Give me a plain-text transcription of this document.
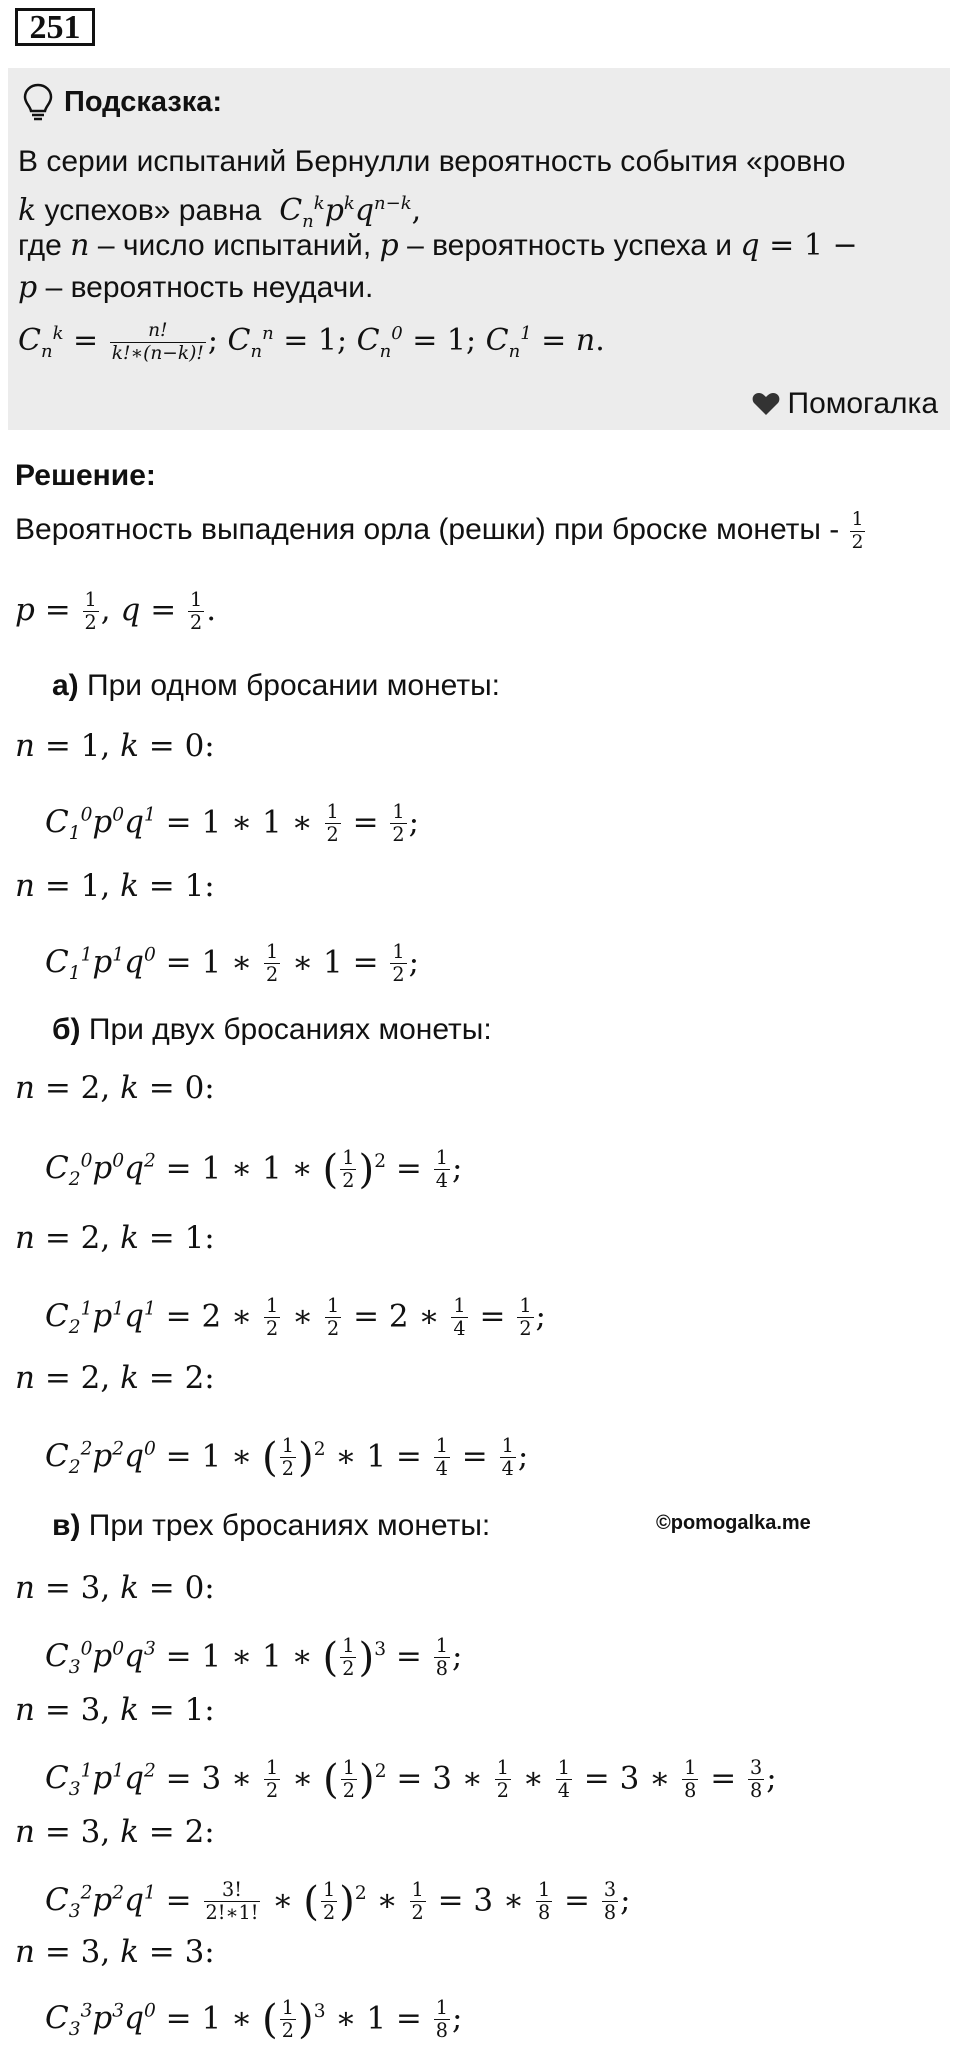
251
Подсказка:
В серии испытаний Бернулли вероятность события «ровно
k успехов» равна  $C_n^kp^kq^{n-k}$,
где n – число испытаний, p – вероятность успеха и q = 1 −
p – вероятность неудачи.
$C_n^k = \frac{n!}{k!∗(n-k)!}$ ; $C_n^n = 1$; $C_n^0 = 1$; $C_n^1 = n$.
Помогалка
Решение:
Вероятность выпадения орла (решки) при броске монеты - $\frac{1}{2}$
$p = \frac{1}{2}$ , $q = \frac{1}{2}$ .
а) При одном бросании монеты:
n = 1, k = 0:
$C_1^0p^0q^1 = 1$ ∗ 1 ∗ $\frac{1}{2} = \frac{1}{2}$ ;
n = 1, k = 1:
$C_1^1p^1q^0 = 1$ ∗ $\frac{1}{2}$ ∗ $1 = \frac{1}{2}$ ;
б) При двух бросаниях монеты:
n = 2, k = 0:
$C_2^0p^0q^2 = 1$ ∗ 1 ∗ ( $\frac{1}{2} )^2 = \frac{1}{4}$ ;
n = 2, k = 1:
$C_2^1p^1q^1 = 2$ ∗ $\frac{1}{2}$ ∗ $\frac{1}{2} = 2$ ∗ $\frac{1}{4} = \frac{1}{2}$ ;
n = 2, k = 2:
$C_2^2p^2q^0 = 1$ ∗ ( $\frac{1}{2} )^2$ ∗ $1 = \frac{1}{4} = \frac{1}{4}$ ;
в) При трех бросаниях монеты:	©pomogalka.me
n = 3, k = 0:
$C_3^0p^0q^3 = 1$ ∗ 1 ∗ ( $\frac{1}{2} )^3 = \frac{1}{8}$ ;
n = 3, k = 1:
$C_3^1p^1q^2 = 3$ ∗ $\frac{1}{2}$ ∗ ( $\frac{1}{2} )^2 = 3$ ∗ $\frac{1}{2}$ ∗ $\frac{1}{4} = 3$ ∗ $\frac{1}{8} = \frac{3}{8}$ ;
n = 3, k = 2:
$C_3^2p^2q^1 = \frac{3!}{2!∗1!}$ ∗ ( $\frac{1}{2} )^2$ ∗ $\frac{1}{2} = 3$ ∗ $\frac{1}{8} = \frac{3}{8}$ ;
n = 3, k = 3:
$C_3^3p^3q^0 = 1$ ∗ ( $\frac{1}{2} )^3$ ∗ $1 = \frac{1}{8}$ ;
